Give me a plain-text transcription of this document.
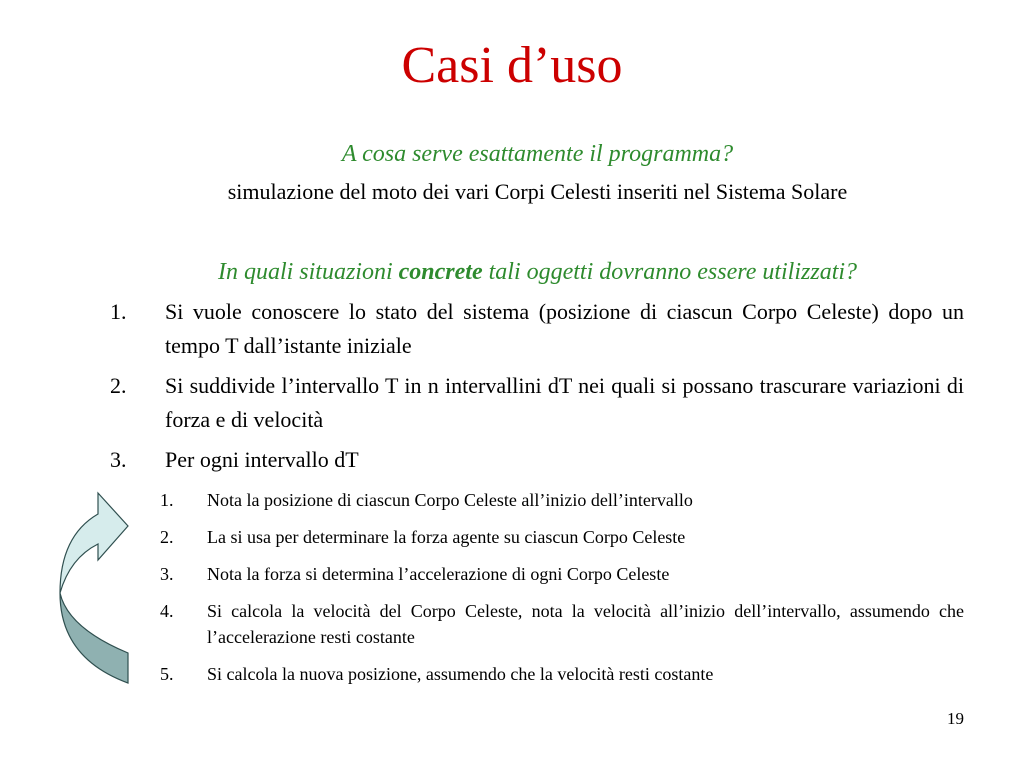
Casi d’uso
A cosa serve esattamente il programma?
simulazione del moto dei vari Corpi Celesti inseriti nel Sistema Solare
In quali situazioni concrete tali oggetti dovranno essere utilizzati?
1.	Si vuole conoscere lo stato del sistema (posizione di ciascun Corpo Celeste) dopo un tempo T dall’istante iniziale
2.	Si suddivide l’intervallo T in n intervallini dT nei quali si possano trascurare variazioni di forza e di velocità
3.	Per ogni intervallo dT
1.	Nota la posizione di ciascun Corpo Celeste all’inizio dell’intervallo
2.	La si usa per determinare la forza agente su ciascun Corpo Celeste
3.	Nota la forza si determina l’accelerazione di ogni Corpo Celeste
4.	Si calcola la velocità del Corpo Celeste, nota la velocità all’inizio dell’intervallo, assumendo che l’accelerazione resti costante
5.	Si calcola la nuova posizione, assumendo che la velocità resti costante
19
